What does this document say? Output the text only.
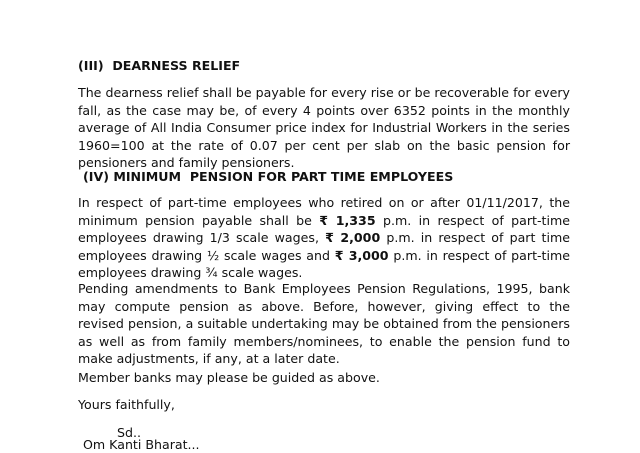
(III)  DEARNESS RELIEF
The dearness relief shall be payable for every rise or be recoverable for every
fall, as the case may be, of every 4 points over 6352 points in the monthly
average of All India Consumer price index for Industrial Workers in the series
1960=100 at the rate of 0.07 per cent per slab on the basic pension for
pensioners and family pensioners.
(IV) MINIMUM  PENSION FOR PART TIME EMPLOYEES
In respect of part-time employees who retired on or after 01/11/2017, the
minimum pension payable shall be ₹ 1,335 p.m. in respect of part-time
employees drawing 1/3 scale wages, ₹ 2,000 p.m. in respect of part time
employees drawing ½ scale wages and ₹ 3,000 p.m. in respect of part-time
employees drawing ¾ scale wages.
Pending amendments to Bank Employees Pension Regulations, 1995, bank
may compute pension as above. Before, however, giving effect to the
revised pension, a suitable undertaking may be obtained from the pensioners
as well as from family members/nominees, to enable the pension fund to
make adjustments, if any, at a later date.
Member banks may please be guided as above.
Yours faithfully,
Sd..
Om Kanti Bharat...
